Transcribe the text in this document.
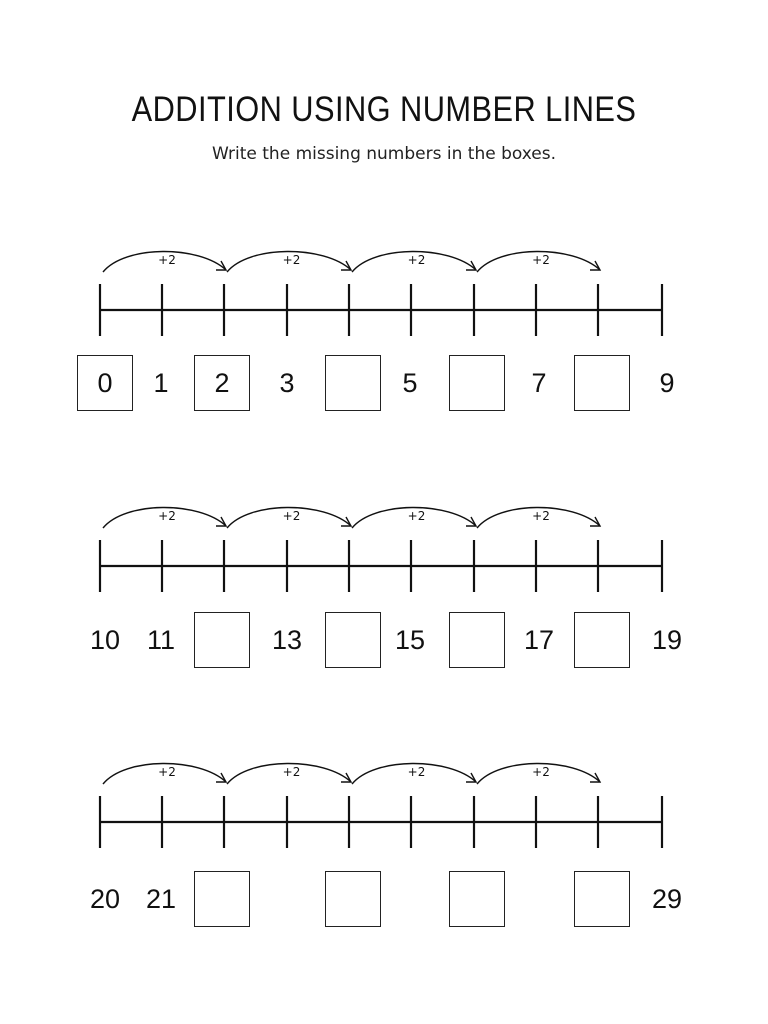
ADDITION USING NUMBER LINES
Write the missing numbers in the boxes.
+2	+2	+2	+2
0	1	2	3	5	7	9
+2	+2	+2	+2
10 11	13	15	17	19
+2	+2	+2	+2
20 21	29
